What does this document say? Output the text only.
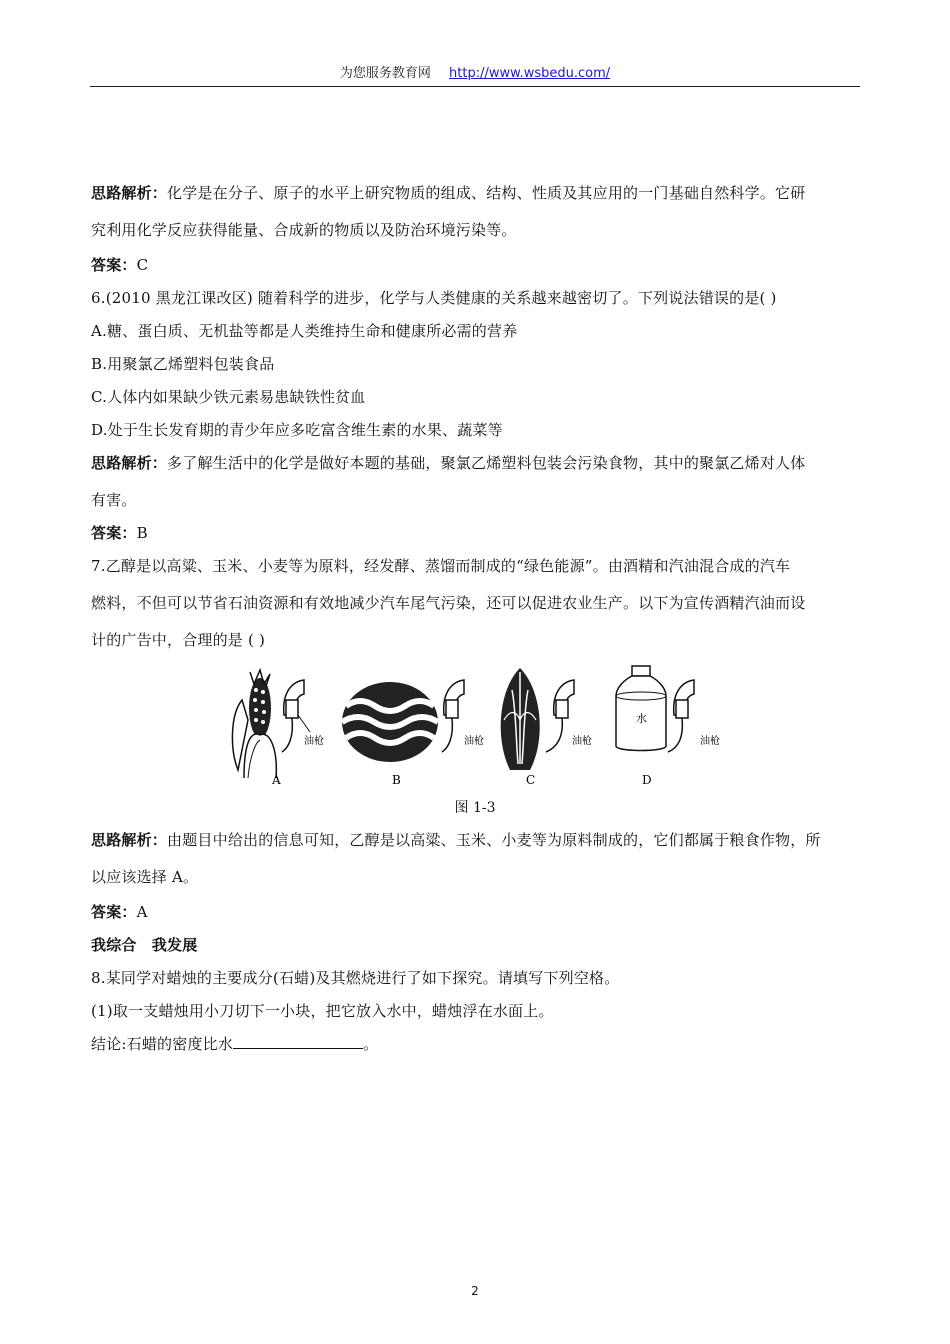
为您服务教育网 http://www.wsbedu.com/
思路解析：化学是在分子、原子的水平上研究物质的组成、结构、性质及其应用的一门基础自然科学。它研
究利用化学反应获得能量、合成新的物质以及防治环境污染等。
答案：C
6.(2010 黑龙江课改区) 随着科学的进步，化学与人类健康的关系越来越密切了。下列说法错误的是( )
A.糖、蛋白质、无机盐等都是人类维持生命和健康所必需的营养
B.用聚氯乙烯塑料包装食品
C.人体内如果缺少铁元素易患缺铁性贫血
D.处于生长发育期的青少年应多吃富含维生素的水果、蔬菜等
思路解析：多了解生活中的化学是做好本题的基础，聚氯乙烯塑料包装会污染食物，其中的聚氯乙烯对人体
有害。
答案：B
7.乙醇是以高粱、玉米、小麦等为原料，经发酵、蒸馏而制成的“绿色能源”。由酒精和汽油混合成的汽车
燃料，不但可以节省石油资源和有效地减少汽车尾气污染，还可以促进农业生产。以下为宣传酒精汽油而设
计的广告中，合理的是 ( )
油枪
A
油枪
B
油枪
C
水
油枪
D
图 1-3
思路解析：由题目中给出的信息可知，乙醇是以高粱、玉米、小麦等为原料制成的，它们都属于粮食作物，所
以应该选择 A。
答案：A
我综合　我发展
8.某同学对蜡烛的主要成分(石蜡)及其燃烧进行了如下探究。请填写下列空格。
(1)取一支蜡烛用小刀切下一小块，把它放入水中，蜡烛浮在水面上。
结论:石蜡的密度比水	。
2
